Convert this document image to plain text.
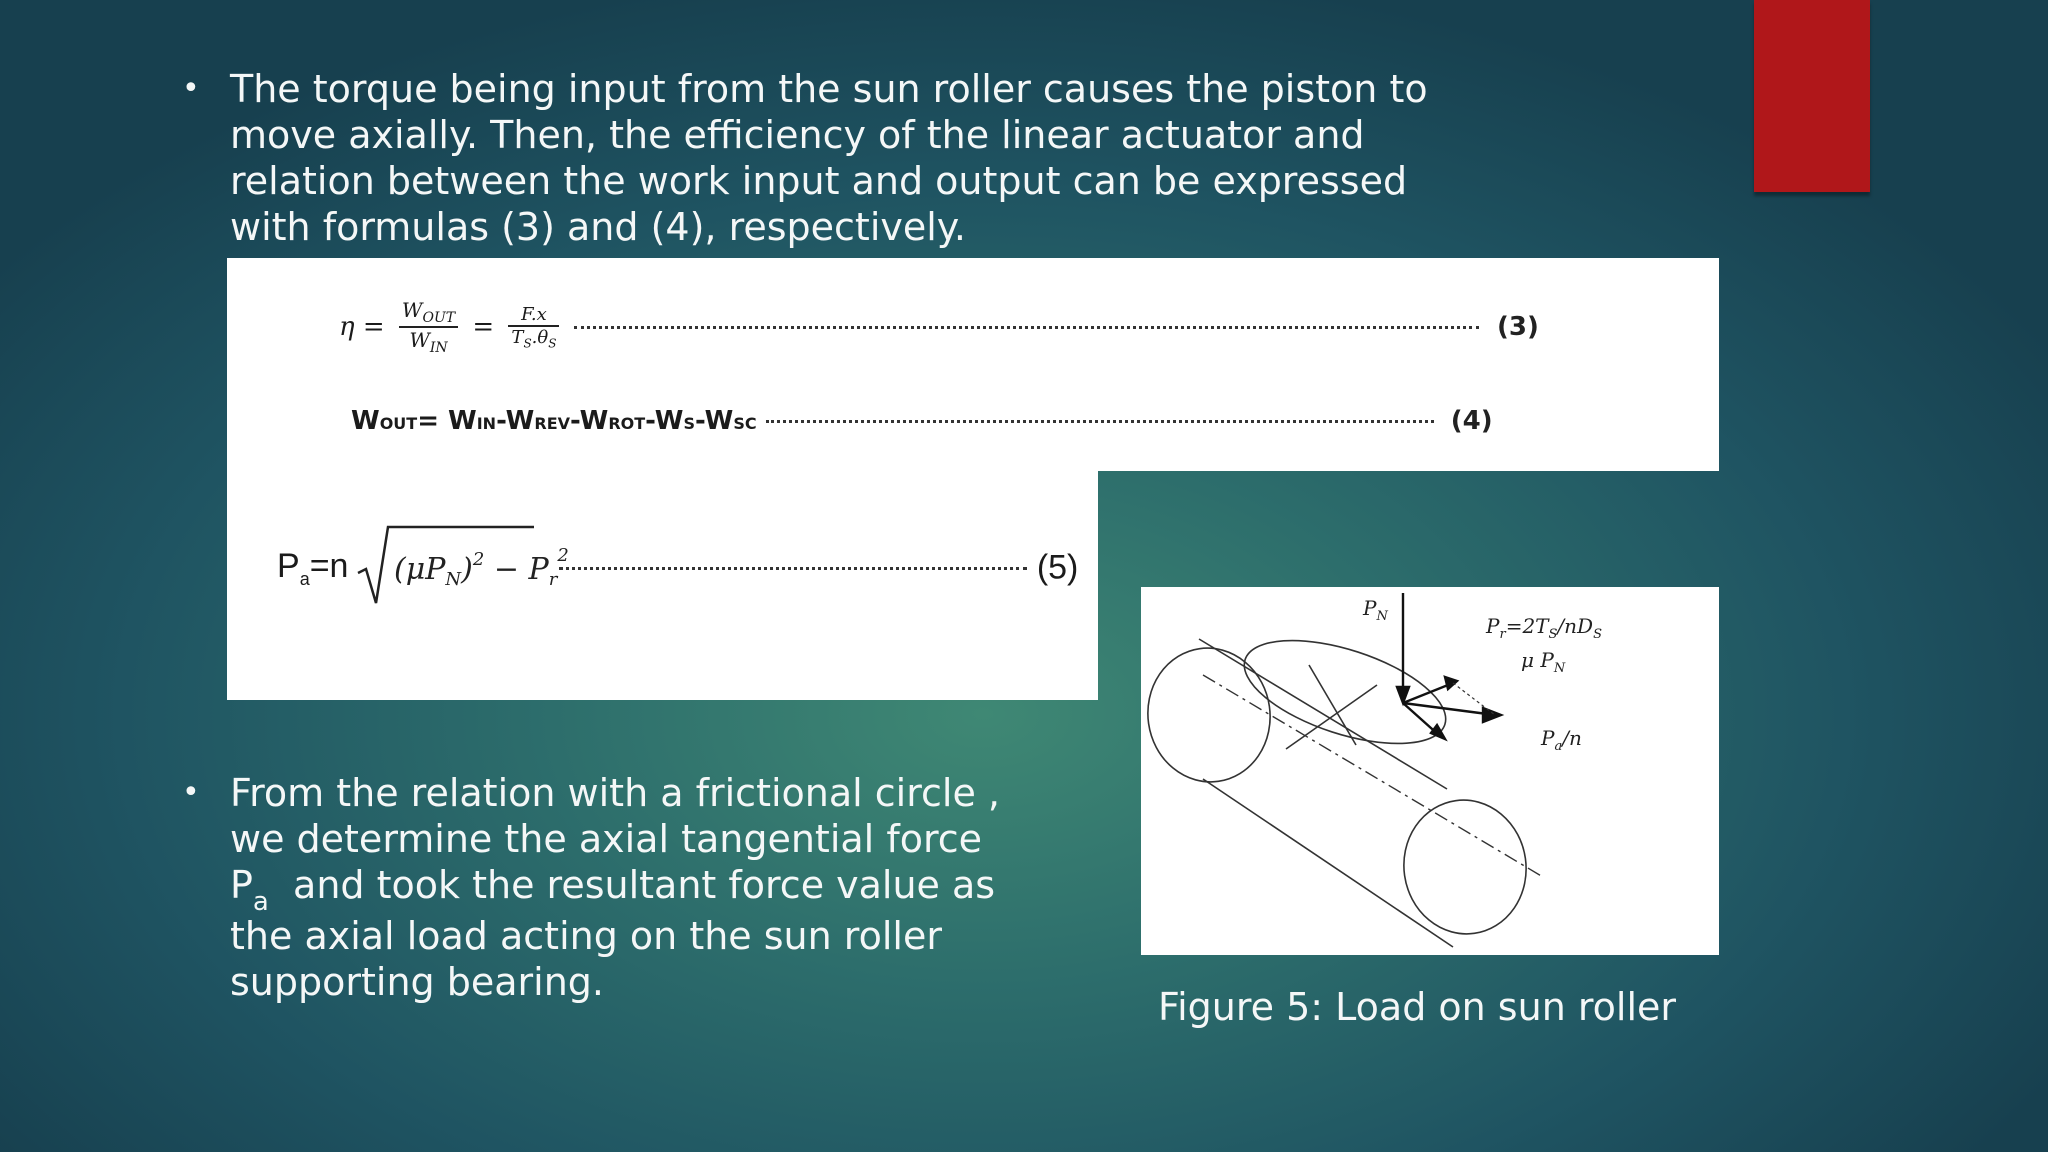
• The torque being input from the sun roller causes the piston to move axially. Then, the efficiency of the linear actuator and relation between the work input and output can be expressed with formulas (3) and (4), respectively.

η =
$W_{OUT}$
$W_{IN}$
= $\frac{F.x}{T_S.\theta_S}$	(3)
WOUT= WIN-WREV-WROT-WS-WSC	(4)
$P_a=n$ $(\mu P_N)^2 - P_r^2$	(5)
$P_N$	$P_r=2T_S/nD_S$
μ $P_N$
$P_a/n$
Figure 5: Load on sun roller
• From the relation with a frictional circle ,
we determine the axial tangential force
$P_a$ and took the resultant force value as
the axial load acting on the sun roller
supporting bearing.
